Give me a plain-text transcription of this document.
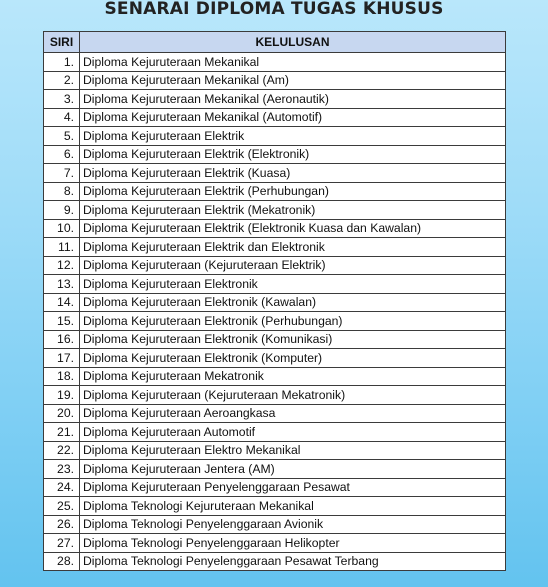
SENARAI DIPLOMA TUGAS KHUSUS
SIRI	KELULUSAN
1.	Diploma Kejuruteraan Mekanikal
2.	Diploma Kejuruteraan Mekanikal (Am)
3.	Diploma Kejuruteraan Mekanikal (Aeronautik)
4.	Diploma Kejuruteraan Mekanikal (Automotif)
5.	Diploma Kejuruteraan Elektrik
6.	Diploma Kejuruteraan Elektrik (Elektronik)
7.	Diploma Kejuruteraan Elektrik (Kuasa)
8.	Diploma Kejuruteraan Elektrik (Perhubungan)
9.	Diploma Kejuruteraan Elektrik (Mekatronik)
10.	Diploma Kejuruteraan Elektrik (Elektronik Kuasa dan Kawalan)
11.	Diploma Kejuruteraan Elektrik dan Elektronik
12.	Diploma Kejuruteraan (Kejuruteraan Elektrik)
13.	Diploma Kejuruteraan Elektronik
14.	Diploma Kejuruteraan Elektronik (Kawalan)
15.	Diploma Kejuruteraan Elektronik (Perhubungan)
16.	Diploma Kejuruteraan Elektronik (Komunikasi)
17.	Diploma Kejuruteraan Elektronik (Komputer)
18.	Diploma Kejuruteraan Mekatronik
19.	Diploma Kejuruteraan (Kejuruteraan Mekatronik)
20.	Diploma Kejuruteraan Aeroangkasa
21.	Diploma Kejuruteraan Automotif
22.	Diploma Kejuruteraan Elektro Mekanikal
23.	Diploma Kejuruteraan Jentera (AM)
24.	Diploma Kejuruteraan Penyelenggaraan Pesawat
25.	Diploma Teknologi Kejuruteraan Mekanikal
26.	Diploma Teknologi Penyelenggaraan Avionik
27.	Diploma Teknologi Penyelenggaraan Helikopter
28.	Diploma Teknologi Penyelenggaraan Pesawat Terbang
